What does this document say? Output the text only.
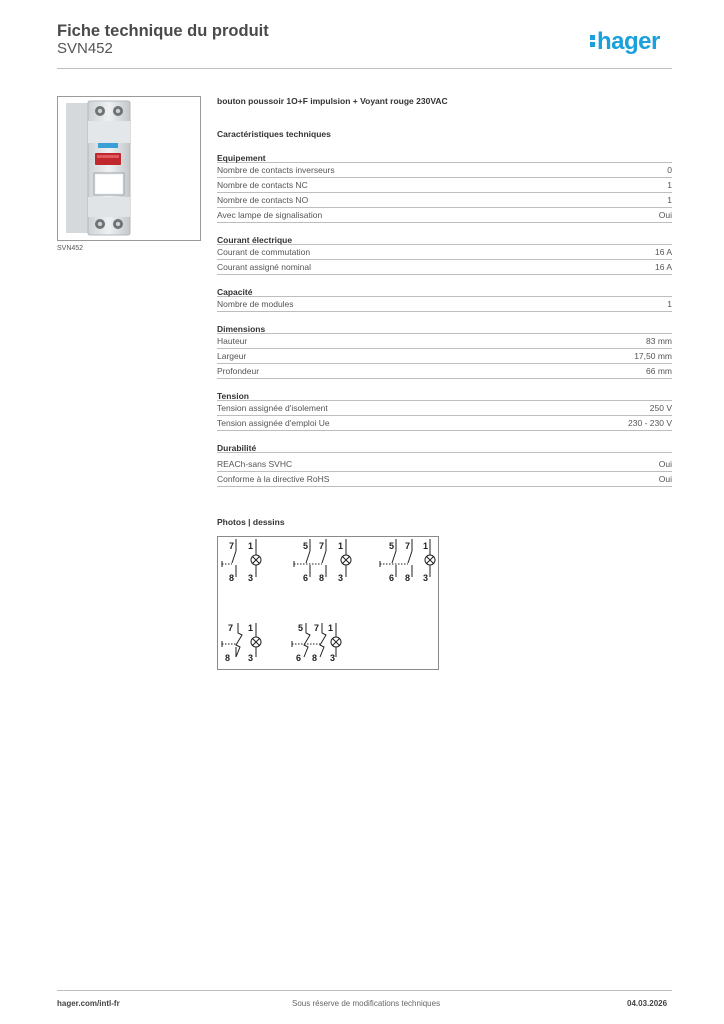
Fiche technique du produit
SVN452	hager
SVN452
bouton poussoir 1O+F impulsion + Voyant rouge 230VAC
Caractéristiques techniques
Equipement
Nombre de contacts inverseurs	0
Nombre de contacts NC	1
Nombre de contacts NO	1
Avec lampe de signalisation	Oui
Courant électrique
Courant de commutation	16 A
Courant assigné nominal	16 A
Capacité
Nombre de modules	1
Dimensions
Hauteur	83 mm
Largeur	17,50 mm
Profondeur	66 mm
Tension
Tension assignée d'isolement	250 V
Tension assignée d'emploi Ue	230 - 230 V
Durabilité
REACh-sans SVHC	Oui
Conforme à la directive RoHS	Oui
Photos | dessins
7 1
8 3
5 7 1
6 8 3
5 7 1
6 8 3
7 1
8 3
5 7 1
6 8 3
hager.com/intl-fr	Sous réserve de modifications techniques	04.03.2026
